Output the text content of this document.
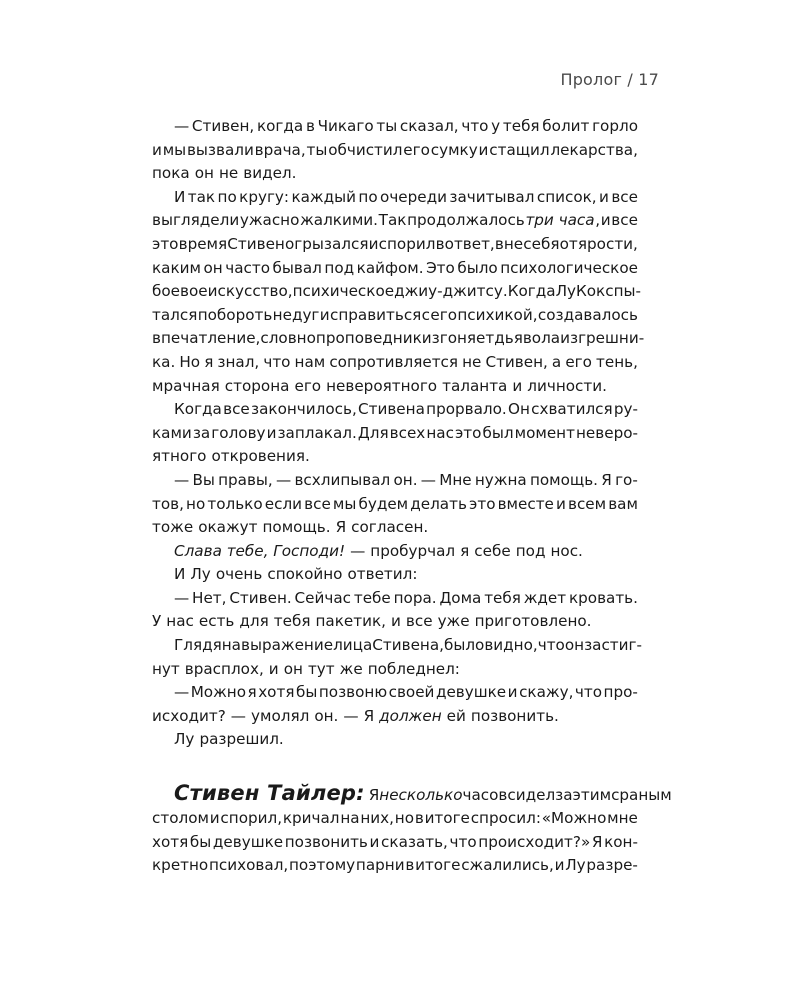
Пролог / 17
— Стивен, когда в Чикаго ты сказал, что у тебя болит горло
и мы вызвали врача, ты обчистил его сумку и стащил лекарства,
пока он не видел.
И так по кругу: каждый по очереди зачитывал список, и все
выглядели ужасно жалкими. Так продолжалось три часа , и все
это время Стивен огрызался и спорил в ответ, вне себя от ярости,
каким он часто бывал под кайфом. Это было психологическое
боевое искусство, психическое джиу-джитсу. Когда Лу Кокс пы-
тался побороть недуг и справиться с его психикой, создавалось
впечатление, словно проповедник изгоняет дьявола из грешни-
ка. Но я знал, что нам сопротивляется не Стивен, а его тень,
мрачная сторона его невероятного таланта и личности.
Когда все закончилось, Стивена прорвало. Он схватился ру-
ками за голову и заплакал. Для всех нас это был момент неверо-
ятного откровения.
— Вы правы, — всхлипывал он. — Мне нужна помощь. Я го-
тов, но только если все мы будем делать это вместе и всем вам
тоже окажут помощь. Я согласен.
Слава тебе, Господи! — пробурчал я себе под нос.
И Лу очень спокойно ответил:
— Нет, Стивен. Сейчас тебе пора. Дома тебя ждет кровать.
У нас есть для тебя пакетик, и все уже приготовлено.
Глядя на выражение лица Стивена, было видно, что он застиг-
нут врасплох, и он тут же побледнел:
— Можно я хотя бы позвоню своей девушке и скажу, что про-
исходит? — умолял он. — Я должен ей позвонить.
Лу разрешил.
Стивен Тайлер: Я несколько часов сидел за этим сраным
столом и спорил, кричал на них, но в итоге спросил: «Можно мне
хотя бы девушке позвонить и сказать, что происходит?» Я кон-
кретно психовал, поэтому парни в итоге сжалились, и Лу разре-
